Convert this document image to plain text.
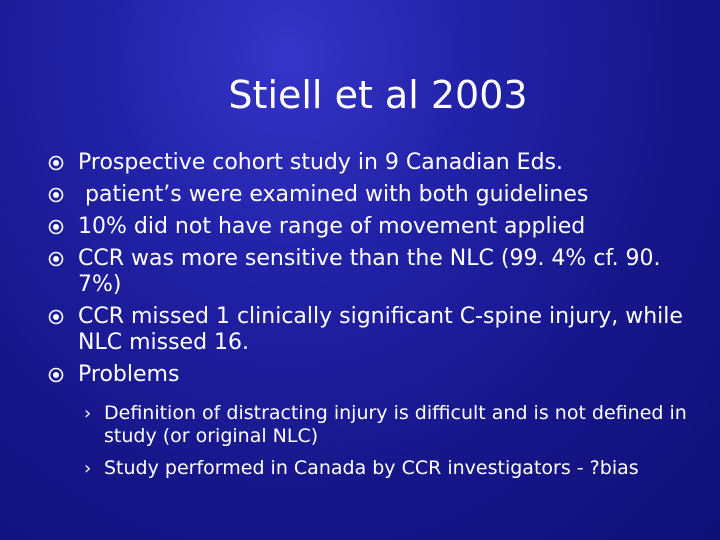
Stiell et al 2003
Prospective cohort study in 9 Canadian Eds.
patient’s were examined with both guidelines
10% did not have range of movement applied
CCR was more sensitive than the NLC (99. 4% cf. 90. 7%)
CCR missed 1 clinically significant C-spine injury, while NLC missed 16.
Problems
› Definition of distracting injury is difficult and is not defined in study (or original NLC)
› Study performed in Canada by CCR investigators - ?bias
